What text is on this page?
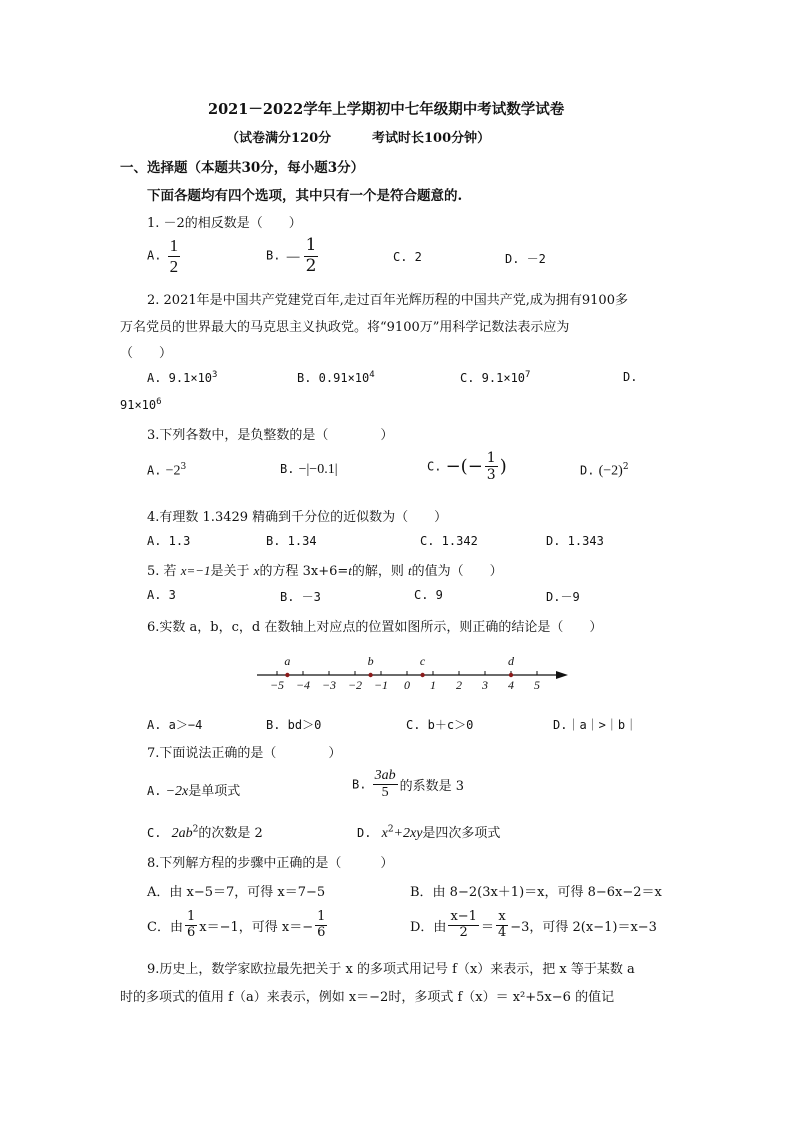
2021－2022学年上学期初中七年级期中考试数学试卷
（试卷满分120分	考试时长100分钟）
一、选择题（本题共30分，每小题3分）
下面各题均有四个选项，其中只有一个是符合题意的.
1. －2的相反数是（　　）
A. $\frac{1}{2}$	B. － $\frac{1}{2}$	C. 2	D. －2
2. 2021年是中国共产党建党百年,走过百年光辉历程的中国共产党,成为拥有9100多
万名党员的世界最大的马克思主义执政党。将“9100万”用科学记数法表示应为
（　　）
A. $9.1\times 10^3$	B. $0.91\times 10^4$	C. $9.1\times 10^7$	D.
$91\times 10^6$
3.下列各数中，是负整数的是（　　　　）
A. $-2^3$	B. −|−0.1|	C. −(− $\frac{1}{3}$ )	D. $(-2)^2$
4.有理数 1.3429 精确到千分位的近似数为（　　）
A. 1.3	B. 1.34	C. 1.342	D. 1.343
5. 若 x=−1是关于 x的方程 3x+6=t的解，则 t的值为（　　）
A. 3	B. －3	C. 9	D.－9
6.实数 a，b，c，d 在数轴上对应点的位置如图所示，则正确的结论是（　　）
−5 −4 −3 −2 −1 0 1 2 3 4 5
a	b	c	d
A. a＞−4	B. bd＞0	C. b＋c＞0	D.｜a｜>｜b｜
7.下面说法正确的是（　　　　）
A. −2x是单项式	B. $\frac{3ab}{5}$ 的系数是 3
C. $2ab^2$的次数是 2	D. $x^2+2xy$是四次多项式
8.下列解方程的步骤中正确的是（　　　）
A．由 x−5＝7，可得 x＝7−5	B．由 8−2(3x＋1)＝x，可得 8−6x−2＝x
C．由 $\frac{1}{6} x=-1$，可得 $x=- \frac{1}{6}$	D．由 $\frac{x-1}{2} = \frac{x}{4} -3$，可得 2(x−1)＝x−3
9.历史上，数学家欧拉最先把关于 x 的多项式用记号 f（x）来表示，把 x 等于某数 a
时的多项式的值用 f（a）来表示，例如 x＝−2时，多项式 f（x）＝ x²+5x−6 的值记
